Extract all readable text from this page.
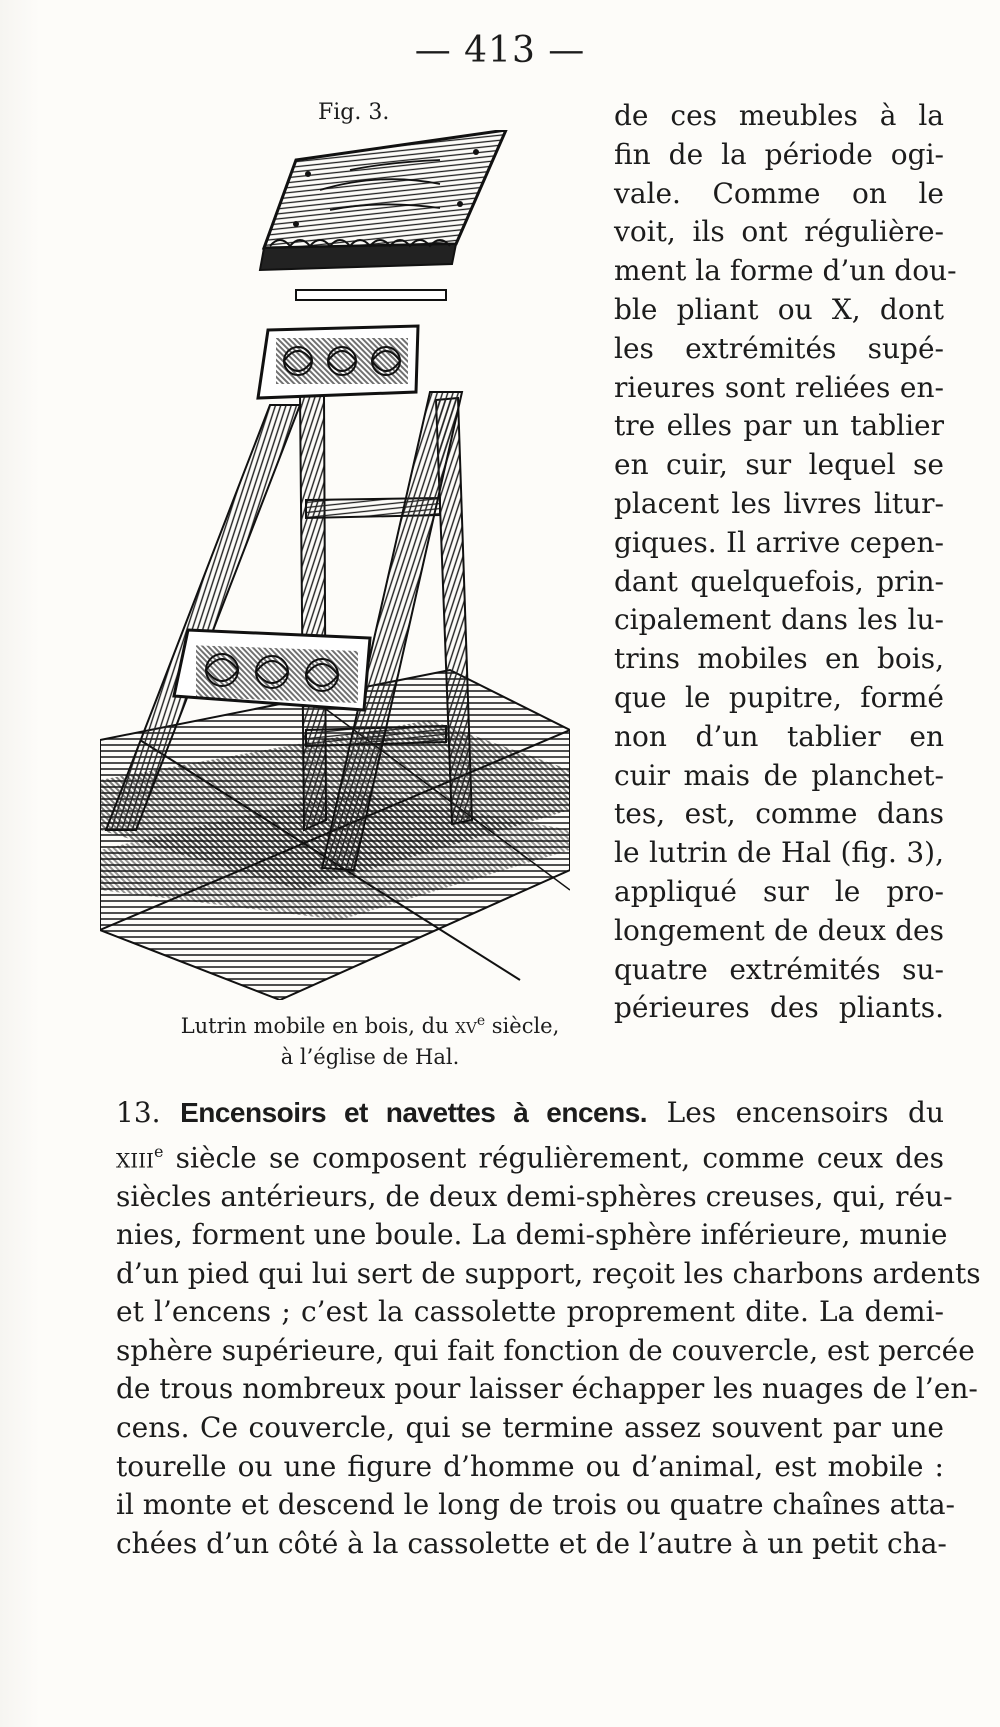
— 413 —
Fig. 3.
Lutrin mobile en bois, du $xv^e$ siècle,
à l’église de Hal.
de ces meubles à la
fin de la période ogi-
vale. Comme on le
voit, ils ont régulière-
ment la forme d’un dou-
ble pliant ou X, dont
les extrémités supé-
rieures sont reliées en-
tre elles par un tablier
en cuir, sur lequel se
placent les livres litur-
giques. Il arrive cepen-
dant quelquefois, prin-
cipalement dans les lu-
trins mobiles en bois,
que le pupitre, formé
non d’un tablier en
cuir mais de planchet-
tes, est, comme dans
le lutrin de Hal (fig. 3),
appliqué sur le pro-
longement de deux des
quatre extrémités su-
périeures des pliants.
13. Encensoirs et navettes à encens. Les encensoirs du
xiii$^e$ siècle se composent régulièrement, comme ceux des
siècles antérieurs, de deux demi-sphères creuses, qui, réu-
nies, forment une boule. La demi-sphère inférieure, munie
d’un pied qui lui sert de support, reçoit les charbons ardents
et l’encens ; c’est la cassolette proprement dite. La demi-
sphère supérieure, qui fait fonction de couvercle, est percée
de trous nombreux pour laisser échapper les nuages de l’en-
cens. Ce couvercle, qui se termine assez souvent par une
tourelle ou une figure d’homme ou d’animal, est mobile :
il monte et descend le long de trois ou quatre chaînes atta-
chées d’un côté à la cassolette et de l’autre à un petit cha-
